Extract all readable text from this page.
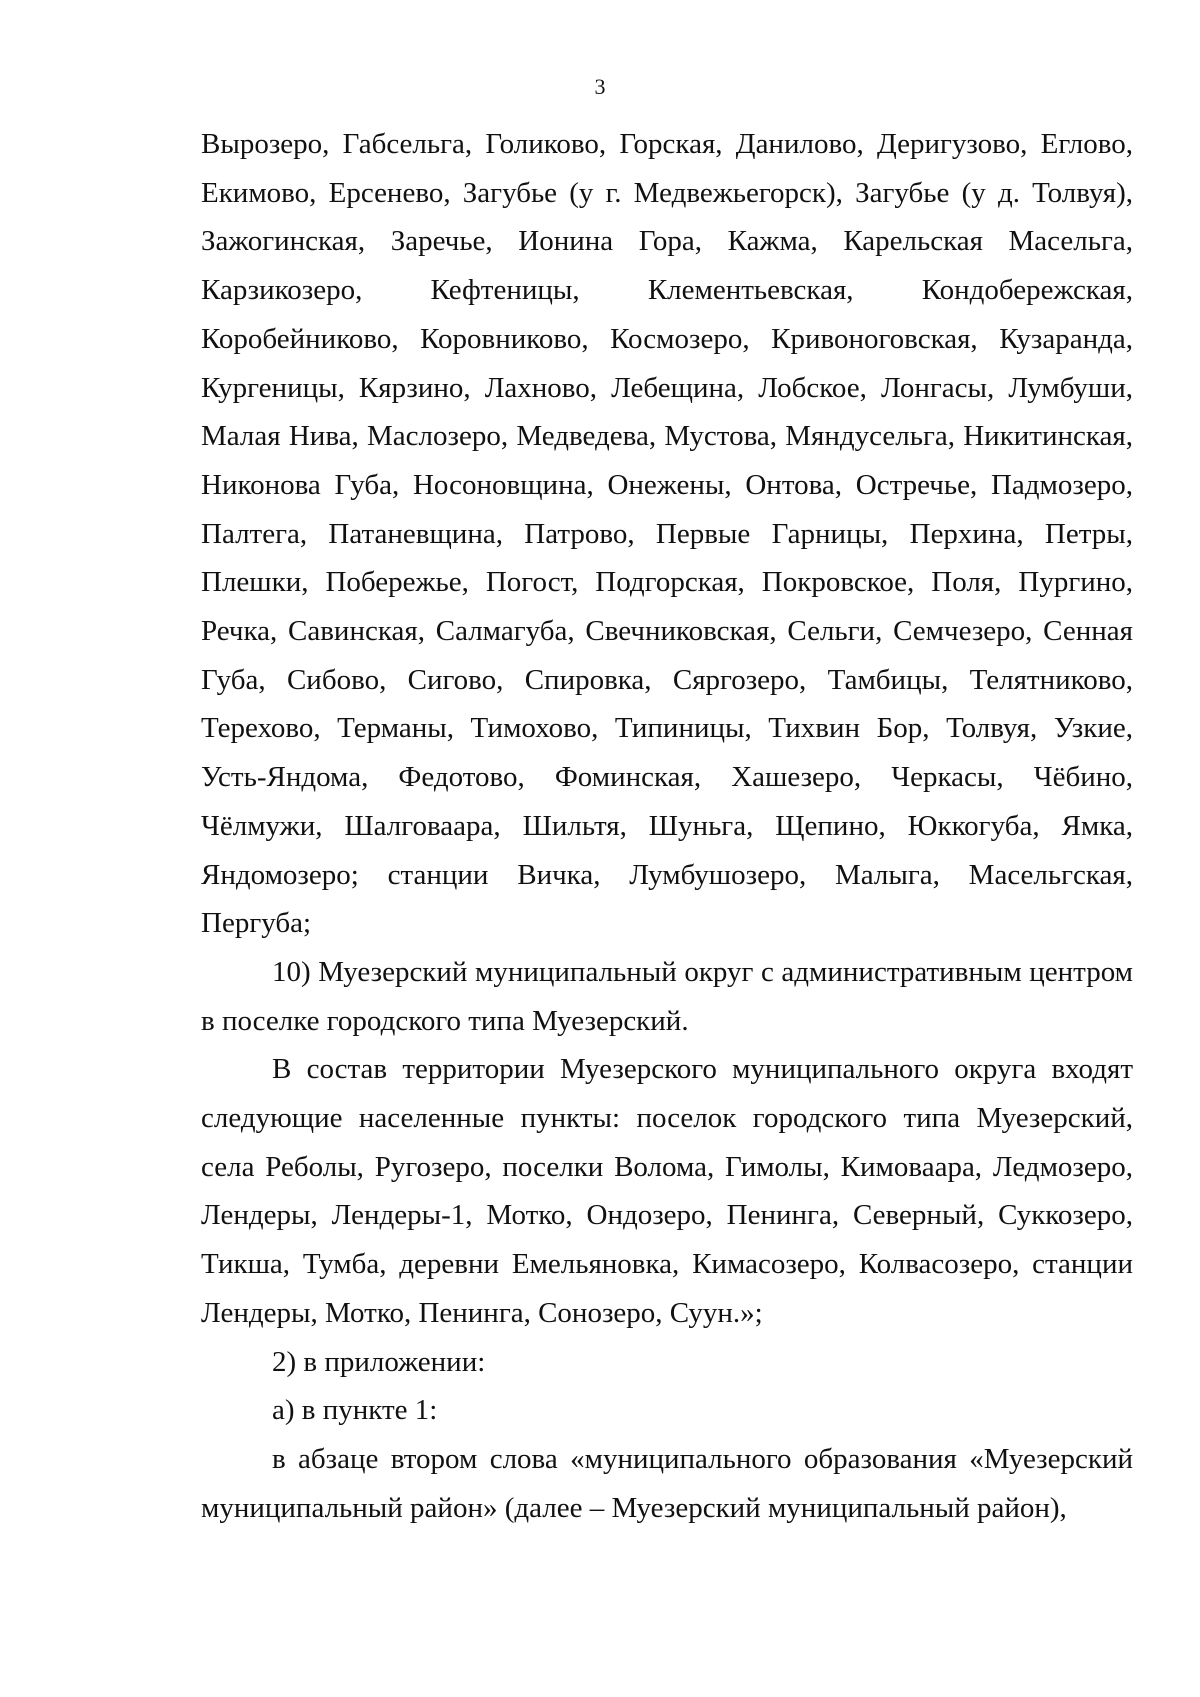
3

Вырозеро, Габсельга, Голиково, Горская, Данилово, Деригузово, Еглово, Екимово, Ерсенево, Загубье (у г. Медвежьегорск), Загубье (у д. Толвуя), Зажогинская, Заречье, Ионина Гора, Кажма, Карельская Масельга, Карзикозеро, Кефтеницы, Клементьевская, Кондобережская, Коробейниково, Коровниково, Космозеро, Кривоноговская, Кузаранда, Кургеницы, Кярзино, Лахново, Лебещина, Лобское, Лонгасы, Лумбуши, Малая Нива, Маслозеро, Медведева, Мустова, Мяндусельга, Никитинская, Никонова Губа, Носоновщина, Онежены, Онтова, Остречье, Падмозеро, Палтега, Патаневщина, Патрово, Первые Гарницы, Перхина, Петры, Плешки, Побережье, Погост, Подгорская, Покровское, Поля, Пургино, Речка, Савинская, Салмагуба, Свечниковская, Сельги, Семчезеро, Сенная Губа, Сибово, Сигово, Спировка, Сяргозеро, Тамбицы, Телятниково, Терехово, Терманы, Тимохово, Типиницы, Тихвин Бор, Толвуя, Узкие, Усть-Яндома, Федотово, Фоминская, Хашезеро, Черкасы, Чёбино, Чёлмужи, Шалговаара, Шильтя, Шуньга, Щепино, Юккогуба, Ямка, Яндомозеро; станции Вичка, Лумбушозеро, Малыга, Масельгская, Пергуба;

10) Муезерский муниципальный округ с административным центром в поселке городского типа Муезерский.

В состав территории Муезерского муниципального округа входят следующие населенные пункты: поселок городского типа Муезерский, села Реболы, Ругозеро, поселки Волома, Гимолы, Кимоваара, Ледмозеро, Лендеры, Лендеры-1, Мотко, Ондозеро, Пенинга, Северный, Суккозеро, Тикша, Тумба, деревни Емельяновка, Кимасозеро, Колвасозеро, станции Лендеры, Мотко, Пенинга, Сонозеро, Суун.»;

2) в приложении:

а) в пункте 1:

в абзаце втором слова «муниципального образования «Муезерский муниципальный район» (далее – Муезерский муниципальный район),
